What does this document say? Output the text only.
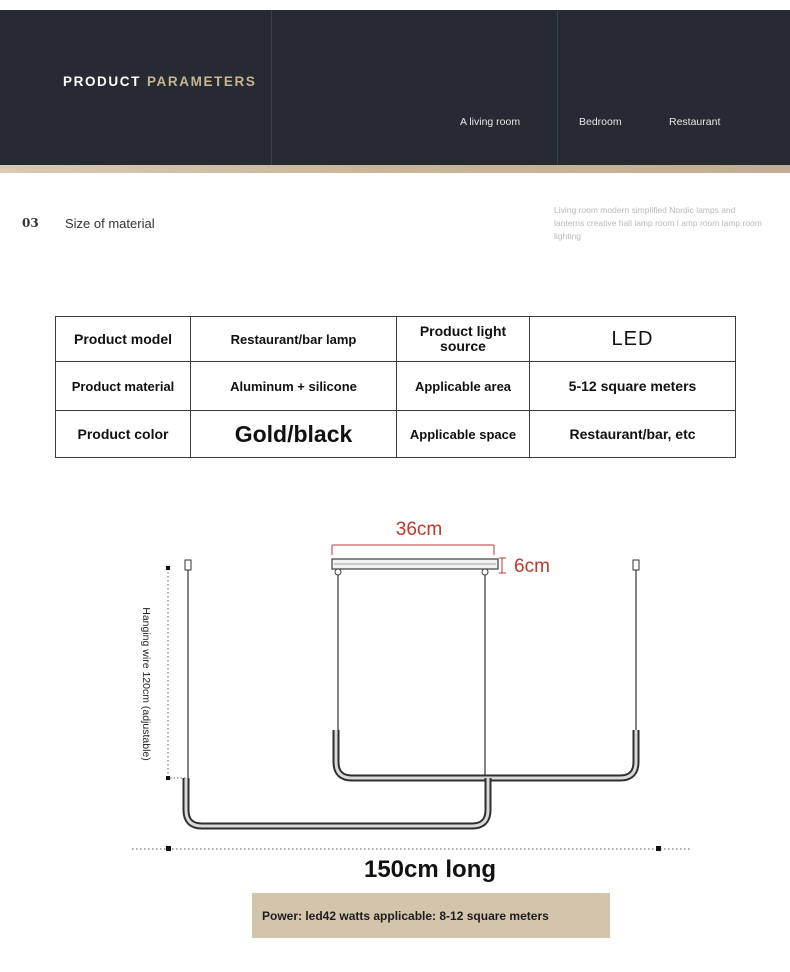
PRODUCT PARAMETERS
A living room	Bedroom	Restaurant
03 Size of material

Living room modern simplified Nordic lamps and lanterns creative hall lamp room l amp room lamp room lighting

Product model	Restaurant/bar lamp	Product light source	LED
Product material	Aluminum + silicone	Applicable area	5-12 square meters
Product color	Gold/black	Applicable space	Restaurant/bar, etc
36cm
6cm
Hanging wire 120cm (adjustable)
150cm long
Power: led42 watts applicable: 8-12 square meters
